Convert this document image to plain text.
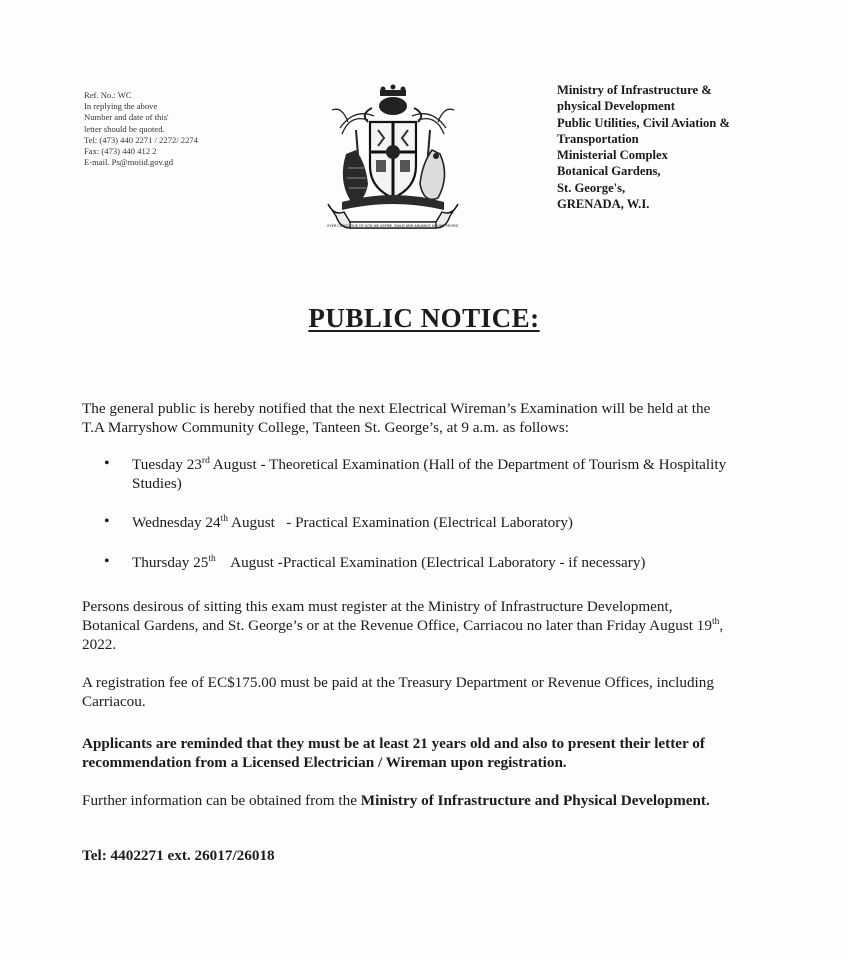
Ref. No.: WC
In replying the above
Number and date of this'
letter should be quoted.
Tel: (473) 440 2271 / 2272/ 2274
Fax: (473) 440 412 2
E-mail. Ps@moiid.gov.gd
EVER CONSCIOUS OF GOD WE ASPIRE, BUILD AND ADVANCE AS ONE PEOPLE
Ministry of Infrastructure &
physical Development
Public Utilities, Civil Aviation &
Transportation
Ministerial Complex
Botanical Gardens,
St. George's,
GRENADA, W.I.
PUBLIC NOTICE:
The general public is hereby notified that the next Electrical Wireman’s Examination will be held at the T.A Marryshow Community College, Tanteen St. George’s, at 9 a.m. as follows:
• Tuesday 23rd August - Theoretical Examination (Hall of the Department of Tourism & Hospitality Studies)
• Wednesday 24th August   - Practical Examination (Electrical Laboratory)
• Thursday 25th    August -Practical Examination (Electrical Laboratory - if necessary)
Persons desirous of sitting this exam must register at the Ministry of Infrastructure Development, Botanical Gardens, and St. George’s or at the Revenue Office, Carriacou no later than Friday August 19th, 2022.
A registration fee of EC$175.00 must be paid at the Treasury Department or Revenue Offices, including Carriacou.
Applicants are reminded that they must be at least 21 years old and also to present their letter of recommendation from a Licensed Electrician / Wireman upon registration.
Further information can be obtained from the Ministry of Infrastructure and Physical Development.
Tel: 4402271 ext. 26017/26018
